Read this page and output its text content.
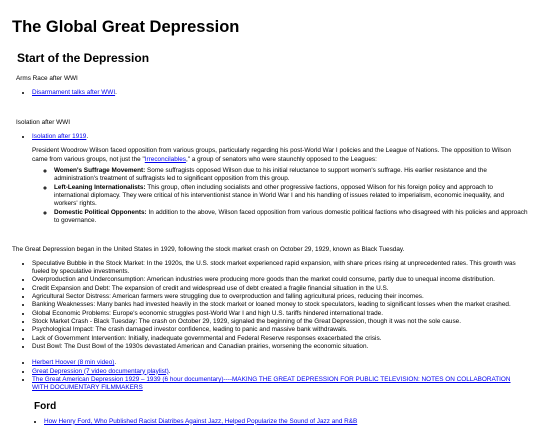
The Global Great Depression
Start of the Depression

Arms Race after WWI

• Disarmament talks after WWI.

Isolation after WWI

• Isolation after 1919.

President Woodrow Wilson faced opposition from various groups, particularly regarding his post-World War I policies and the League of Nations. The opposition to Wilson came from various groups, not just the "Irreconcilables," a group of senators who were staunchly opposed to the Leagues:

◦ Women's Suffrage Movement: Some suffragists opposed Wilson due to his initial reluctance to support women's suffrage. His earlier resistance and the administration's treatment of suffragists led to significant opposition from this group.
◦ Left-Leaning Internationalists: This group, often including socialists and other progressive factions, opposed Wilson for his foreign policy and approach to international diplomacy. They were critical of his interventionist stance in World War I and his handling of issues related to imperialism, economic inequality, and workers' rights.
◦ Domestic Political Opponents: In addition to the above, Wilson faced opposition from various domestic political factions who disagreed with his policies and approach to governance.

The Great Depression began in the United States in 1929, following the stock market crash on October 29, 1929, known as Black Tuesday.

• Speculative Bubble in the Stock Market: In the 1920s, the U.S. stock market experienced rapid expansion, with share prices rising at unprecedented rates. This growth was fueled by speculative investments.
• Overproduction and Underconsumption: American industries were producing more goods than the market could consume, partly due to unequal income distribution.
• Credit Expansion and Debt: The expansion of credit and widespread use of debt created a fragile financial situation in the U.S.
• Agricultural Sector Distress: American farmers were struggling due to overproduction and falling agricultural prices, reducing their incomes.
• Banking Weaknesses: Many banks had invested heavily in the stock market or loaned money to stock speculators, leading to significant losses when the market crashed.
• Global Economic Problems: Europe's economic struggles post-World War I and high U.S. tariffs hindered international trade.
• Stock Market Crash - Black Tuesday: The crash on October 29, 1929, signaled the beginning of the Great Depression, though it was not the sole cause.
• Psychological Impact: The crash damaged investor confidence, leading to panic and massive bank withdrawals.
• Lack of Government Intervention: Initially, inadequate governmental and Federal Reserve responses exacerbated the crisis.
• Dust Bowl: The Dust Bowl of the 1930s devastated American and Canadian prairies, worsening the economic situation.
• Herbert Hoover (8 min video).
• Great Depression (7 video documentary playlist).
• The Great American Depression 1929 – 1939 (6 hour documentary)----MAKING THE GREAT DEPRESSION FOR PUBLIC TELEVISION: NOTES ON COLLABORATION WITH DOCUMENTARY FILMMAKERS
Ford
• How Henry Ford, Who Published Racist Diatribes Against Jazz, Helped Popularize the Sound of Jazz and R&B
